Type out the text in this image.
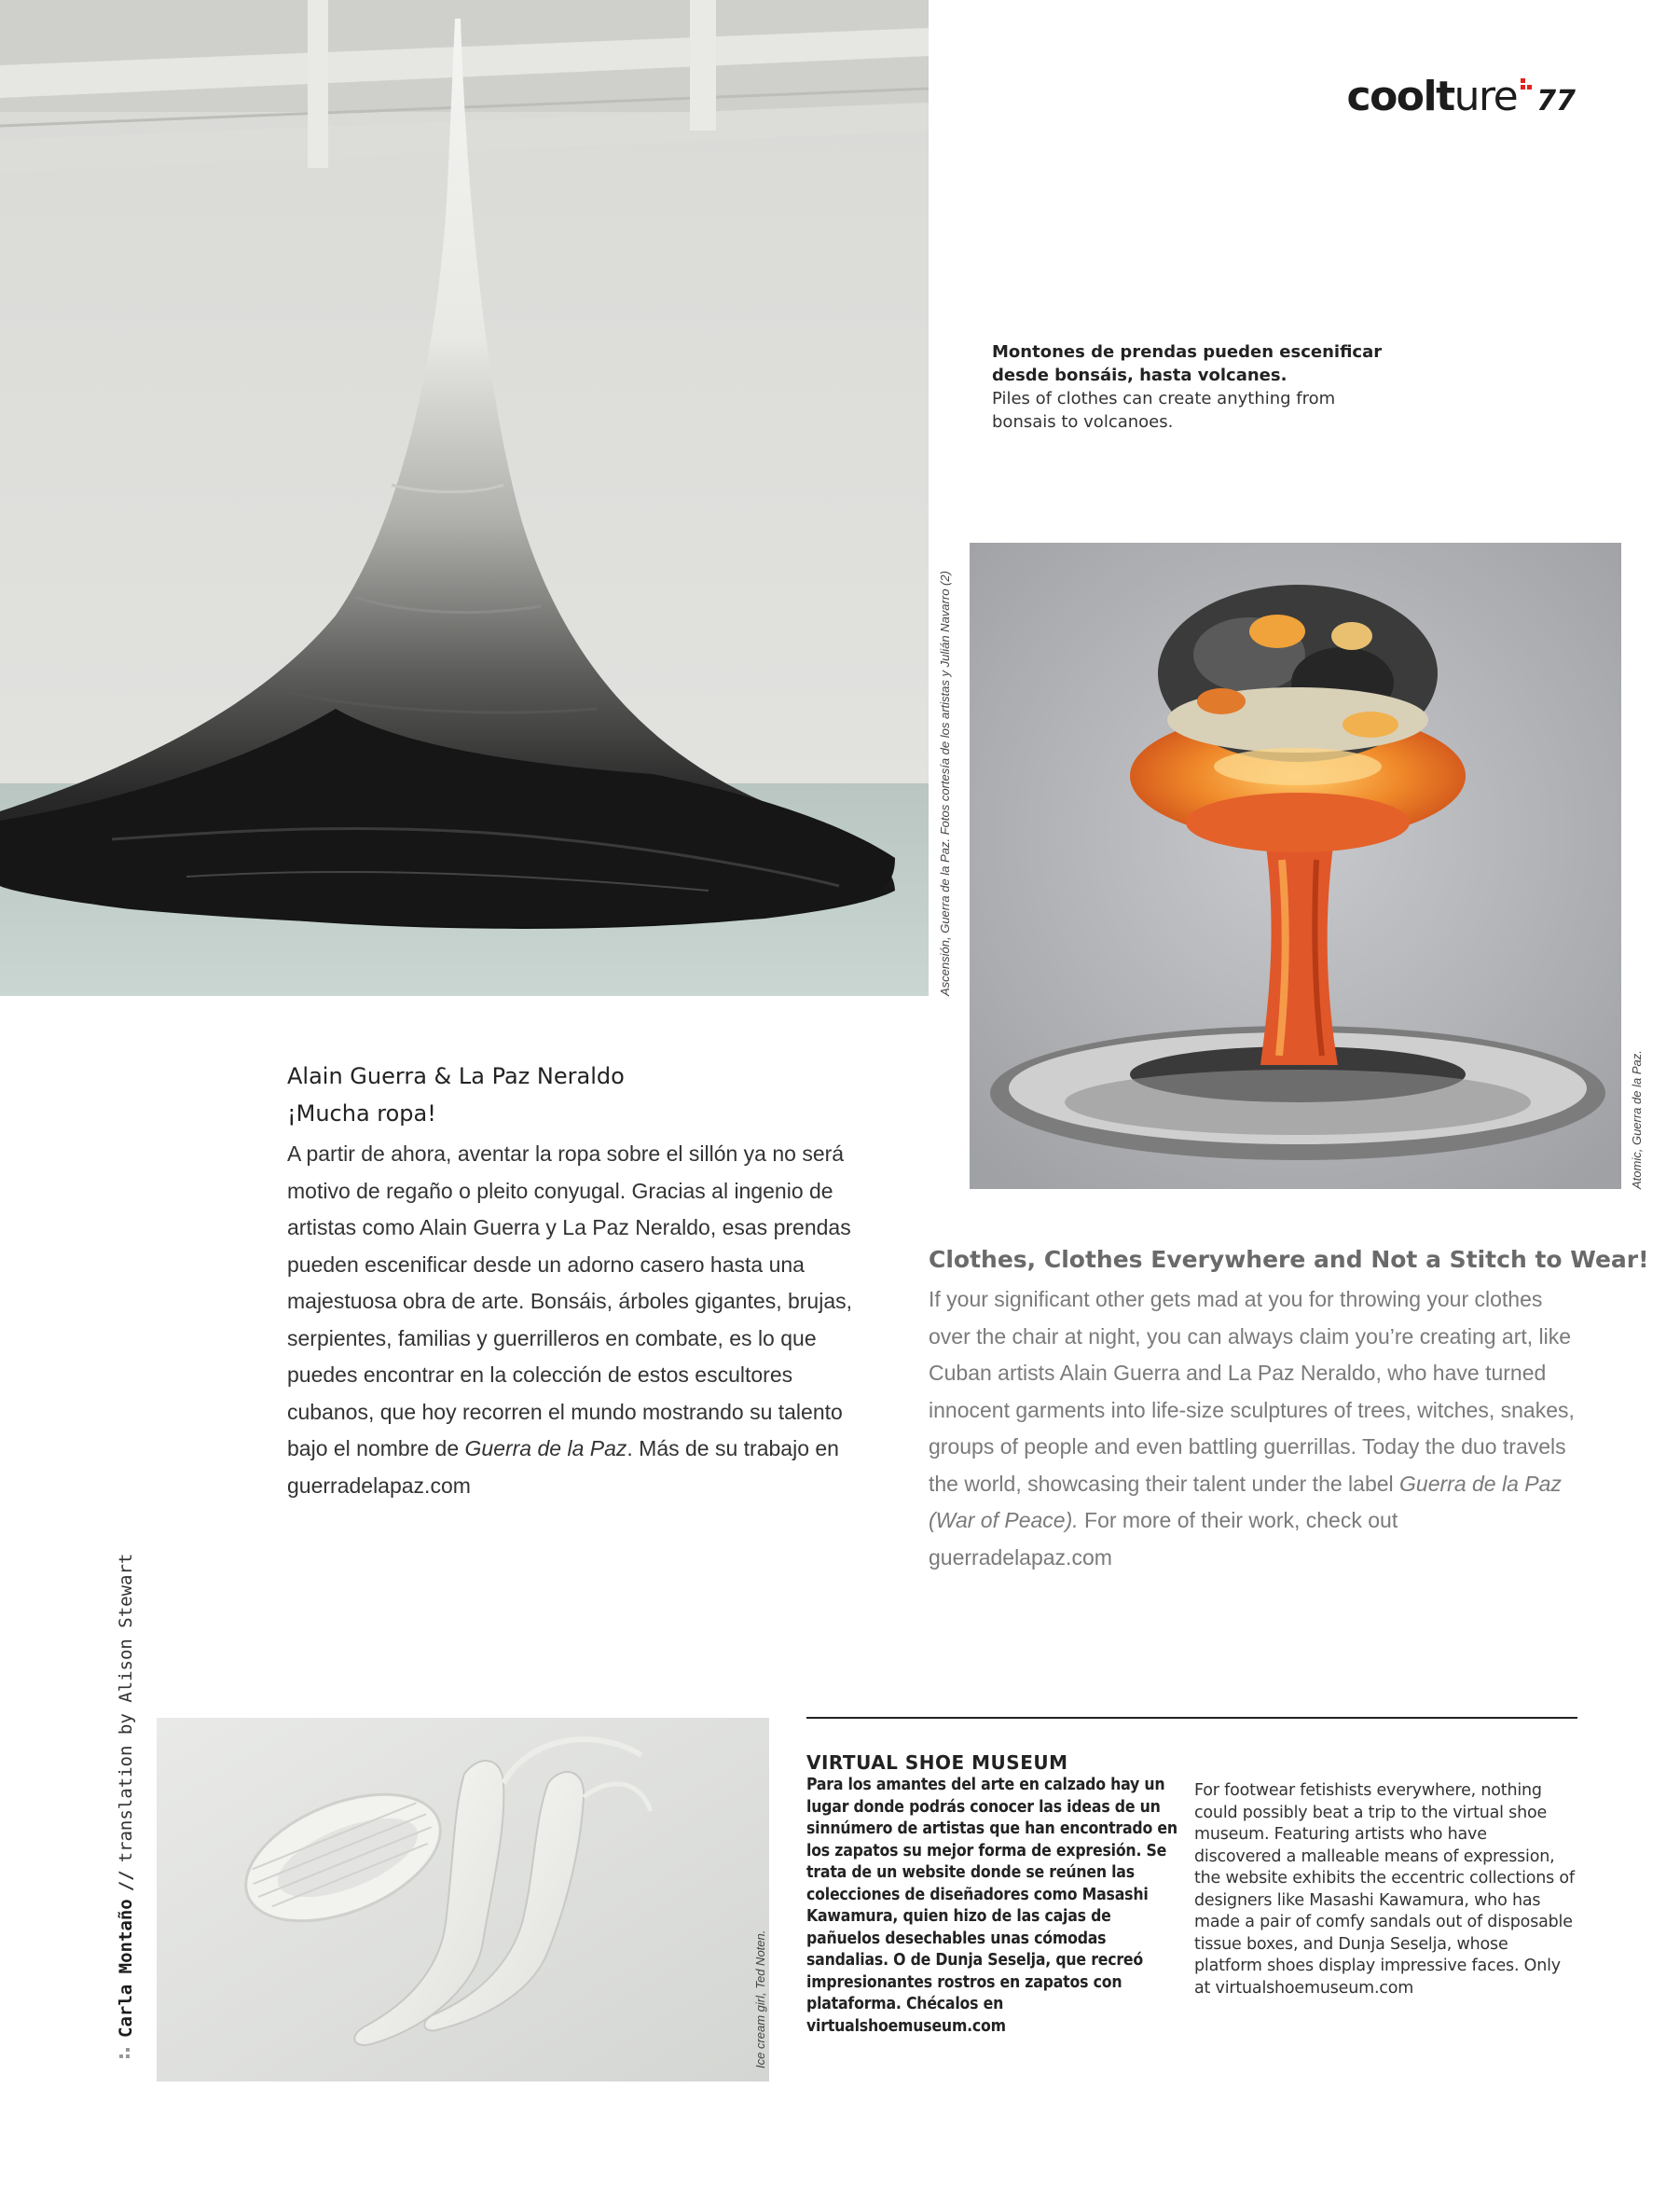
coolt ure 77
Ascensión, Guerra de la Paz. Fotos cortesía de los artistas y Julián Navarro (2)
Montones de prendas pueden escenificar desde bonsáis, hasta volcanes.
Piles of clothes can create anything from bonsais to volcanoes.
Atomic, Guerra de la Paz.
Alain Guerra & La Paz Neraldo
¡Mucha ropa!
A partir de ahora, aventar la ropa sobre el sillón ya no será motivo de regaño o pleito conyugal. Gracias al ingenio de artistas como Alain Guerra y La Paz Neraldo, esas prendas pueden escenificar desde un adorno casero hasta una majestuosa obra de arte. Bonsáis, árboles gigantes, brujas, serpientes, familias y guerrilleros en combate, es lo que puedes encontrar en la colección de estos escultores cubanos, que hoy recorren el mundo mostrando su talento bajo el nombre de Guerra de la Paz. Más de su trabajo en guerradelapaz.com
Clothes, Clothes Everywhere and Not a Stitch to Wear!
If your significant other gets mad at you for throwing your clothes over the chair at night, you can always claim you’re creating art, like Cuban artists Alain Guerra and La Paz Neraldo, who have turned innocent garments into life-size sculptures of trees, witches, snakes, groups of people and even battling guerrillas. Today the duo travels the world, showcasing their talent under the label Guerra de la Paz (War of Peace). For more of their work, check out guerradelapaz.com
Carla Montaño
//
translation by Alison Stewart
Ice cream girl, Ted Noten.
VIRTUAL SHOE MUSEUM
Para los amantes del arte en calzado hay un lugar donde podrás conocer las ideas de un sinnúmero de artistas que han encontrado en los zapatos su mejor forma de expresión. Se trata de un website donde se reúnen las colecciones de diseñadores como Masashi Kawamura, quien hizo de las cajas de pañuelos desechables unas cómodas sandalias. O de Dunja Seselja, que recreó impresionantes rostros en zapatos con plataforma. Chécalos en virtualshoemuseum.com
For footwear fetishists everywhere, nothing could possibly beat a trip to the virtual shoe museum. Featuring artists who have discovered a malleable means of expression, the website exhibits the eccentric collections of designers like Masashi Kawamura, who has made a pair of comfy sandals out of disposable tissue boxes, and Dunja Seselja, whose platform shoes display impressive faces. Only at virtualshoemuseum.com
